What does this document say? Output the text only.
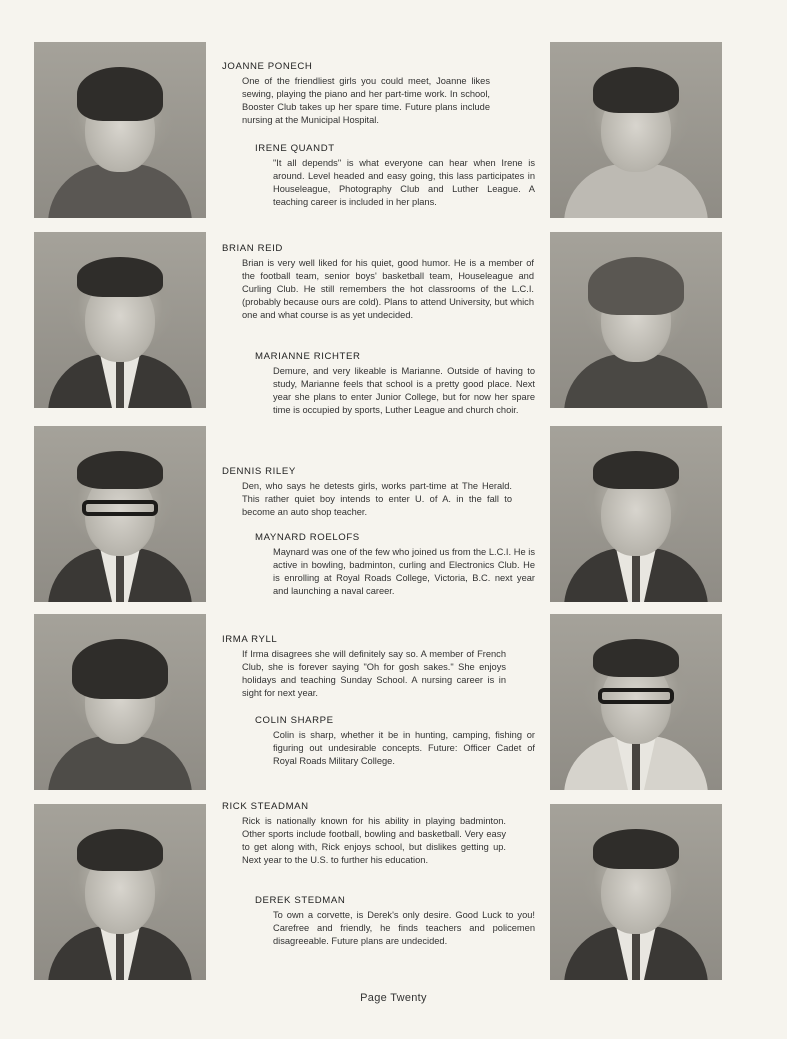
JOANNE PONECH
One of the friendliest girls you could meet, Joanne likes sewing, playing the piano and her part-time work. In school, Booster Club takes up her spare time. Future plans include nursing at the Municipal Hospital.
IRENE QUANDT
"It all depends" is what everyone can hear when Irene is around. Level headed and easy going, this lass participates in Houseleague, Photography Club and Luther League. A teaching career is included in her plans.
BRIAN REID
Brian is very well liked for his quiet, good humor. He is a member of the football team, senior boys' basketball team, Houseleague and Curling Club. He still remembers the hot classrooms of the L.C.I. (probably because ours are cold). Plans to attend University, but which one and what course is as yet undecided.
MARIANNE RICHTER
Demure, and very likeable is Marianne. Outside of having to study, Marianne feels that school is a pretty good place. Next year she plans to enter Junior College, but for now her spare time is occupied by sports, Luther League and church choir.
DENNIS RILEY
Den, who says he detests girls, works part-time at The Herald. This rather quiet boy intends to enter U. of A. in the fall to become an auto shop teacher.
MAYNARD ROELOFS
Maynard was one of the few who joined us from the L.C.I. He is active in bowling, badminton, curling and Electronics Club. He is enrolling at Royal Roads College, Victoria, B.C. next year and launching a naval career.
IRMA RYLL
If Irma disagrees she will definitely say so. A member of French Club, she is forever saying "Oh for gosh sakes." She enjoys holidays and teaching Sunday School. A nursing career is in sight for next year.
COLIN SHARPE
Colin is sharp, whether it be in hunting, camping, fishing or figuring out undesirable concepts. Future: Officer Cadet of Royal Roads Military College.
RICK STEADMAN
Rick is nationally known for his ability in playing badminton. Other sports include football, bowling and basketball. Very easy to get along with, Rick enjoys school, but dislikes getting up. Next year to the U.S. to further his education.
DEREK STEDMAN
To own a corvette, is Derek's only desire. Good Luck to you! Carefree and friendly, he finds teachers and policemen disagreeable. Future plans are undecided.
Page Twenty
